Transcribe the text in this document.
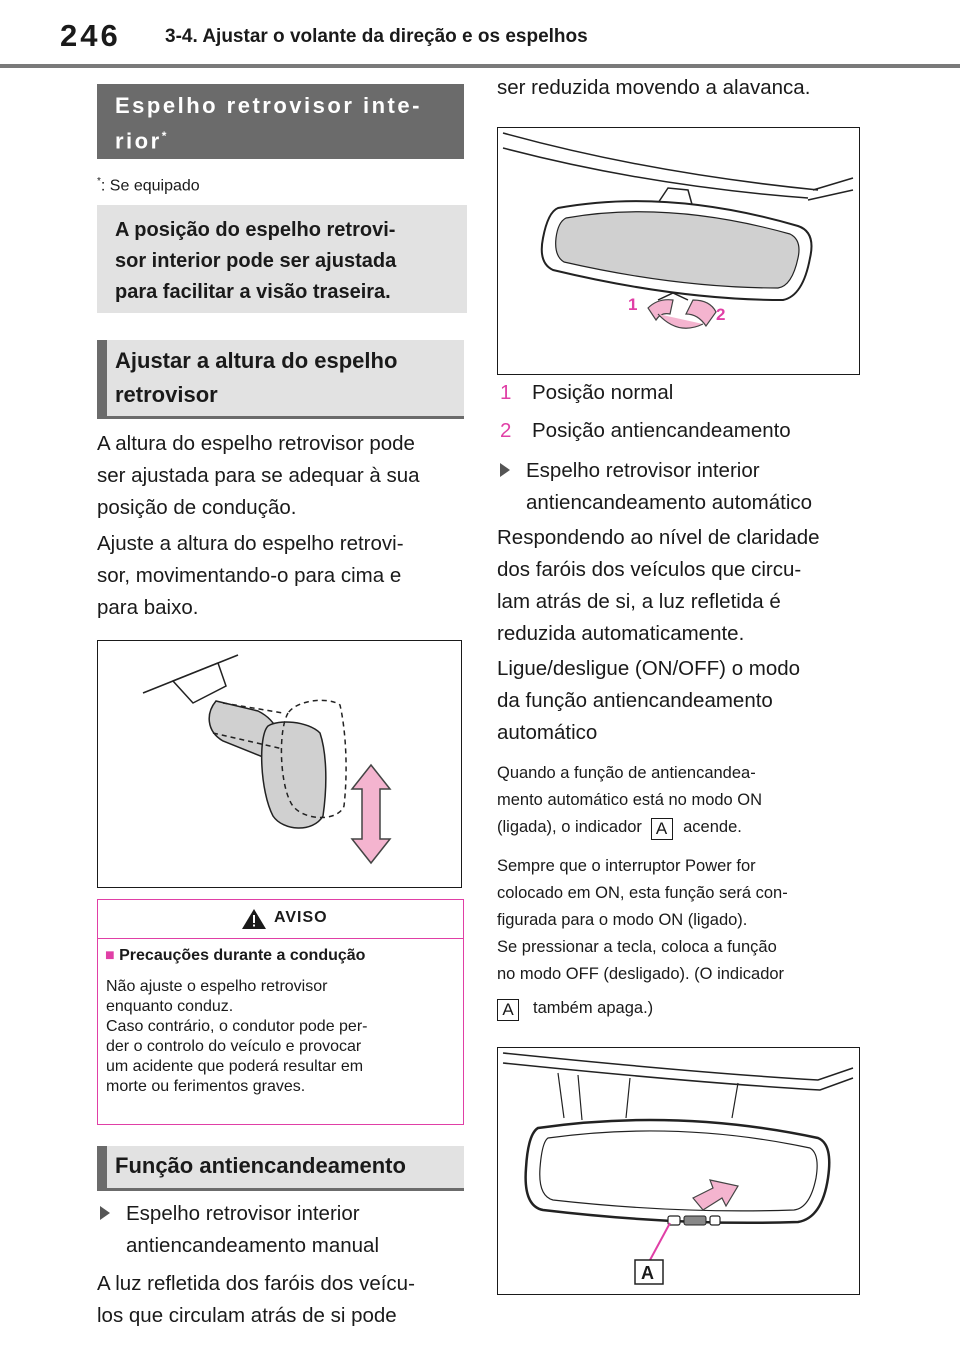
246 3-4. Ajustar o volante da direção e os espelhos
Espelho retrovisor inte-
rior*
*: Se equipado
A posição do espelho retrovi-
sor interior pode ser ajustada
para facilitar a visão traseira.
Ajustar a altura do espelho
retrovisor
A altura do espelho retrovisor pode
ser ajustada para se adequar à sua
posição de condução.
Ajuste a altura do espelho retrovi-
sor, movimentando-o para cima e
para baixo.
AVISO
■ Precauções durante a condução
Não ajuste o espelho retrovisor
enquanto conduz.
Caso contrário, o condutor pode per-
der o controlo do veículo e provocar
um acidente que poderá resultar em
morte ou ferimentos graves.
Função antiencandeamento
Espelho retrovisor interior
antiencandeamento manual
A luz refletida dos faróis dos veícu-
los que circulam atrás de si pode
ser reduzida movendo a alavanca.
1
2
1 Posição normal
2 Posição antiencandeamento
Espelho retrovisor interior
antiencandeamento automático
Respondendo ao nível de claridade
dos faróis dos veículos que circu-
lam atrás de si, a luz refletida é
reduzida automaticamente.
Ligue/desligue (ON/OFF) o modo
da função antiencandeamento
automático
Quando a função de antiencandea-
mento automático está no modo ON
(ligada), o indicador A acende.
Sempre que o interruptor Power for
colocado em ON, esta função será con-
figurada para o modo ON (ligado).
Se pressionar a tecla, coloca a função
no modo OFF (desligado). (O indicador
A também apaga.)
A
